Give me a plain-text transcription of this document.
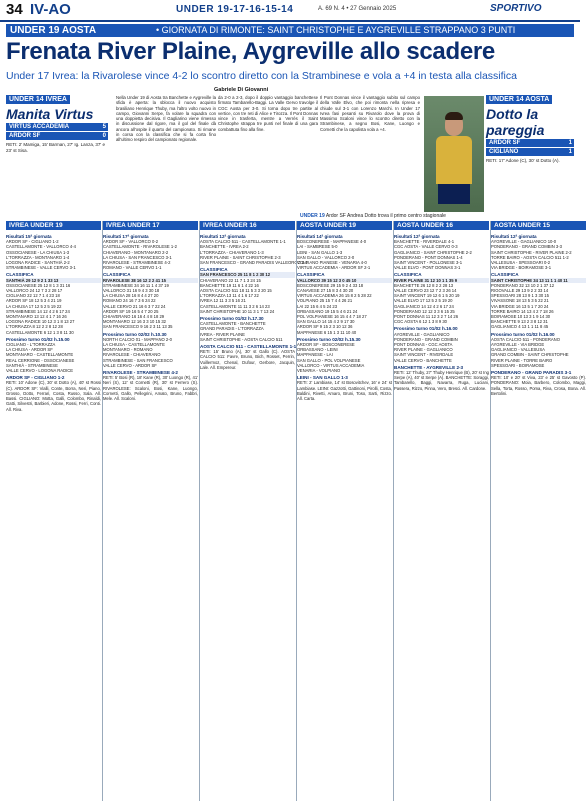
34 IV-AO	UNDER 19-17-16-15-14	A. 69 N. 4 • 27 Gennaio 2025	SPORTIVO
UNDER 19 AOSTA	• GIORNATA DI RIMONTE: SAINT CHRISTOPHE E AYGREVILLE STRAPPANO 3 PUNTI
Frenata River Plaine, Aygreville allo scadere
Under 17 Ivrea: la Rivarolese vince 4-2 lo scontro diretto con la Strambinese e vola a +4 in testa alla classifica
UNDER 14 IVREA
Manita Virtus
VIRTUS ACCADEMIA	5
ARDOR SF	0
RETI: 2' Mamiga, 15' Barman, 27' Ig. Lanza, 37' e 23' st Sisa.
UNDER 14 AOSTA
Dotto la pareggia
ARDOR SF	1
CIGLIANO	1
RETI: 17' Adone (C), 30' st Dotto (A).
Gabriele Di Giovanni
Nella Under 19 di Aosta tra Banchette e Aygreville la sfida è aperta: la sblocca il nuovo acquisto brasiliano Henrique Thuby, ma l'altro volto nuovo in campo, Giovanni Serpe, fa volare la squadra con una doppietta decisiva. Il Gagliarino viene rimesso in discussione dal rigore, ma il gol del finale dà ancora all'ospite il quarto del campionato. Si rimane in corsa con la classifica che si fa corta fino all'ultimo respiro del campionato regionale.
da 2-0 a 2-3, dopo il doppio vantaggio banchettese firmato Tambarello-Baggi. La Valle Gervo travolge il CGC Aosta per 3-0. Si torna dopo tre partite al vertice, con tre reti di Alice e Tirozza. Il Pont Donnas vince in trasferta, mentre a Verrès il Saint Christophe strappa tre punti nel finale di una gara combattuta fino alla fine.
Il Pont Donnas vince il vantaggio subito sul campo della Valle Elvo, che poi rimonta nella ripresa e chiude sul 3-1 con Lorenzo Marchi. In Under 17 Ivrea fasi pesanti su Rivarolo dove la prova di Massimo Scaloni vince lo scontro diretto con la Strambinese, a segno Bosi, Kane, Luongo e Cornetti che la capolista vola a +4.
UNDER 19 Ardor SF Andrea Dotto trova il primo centro stagionale
IVREA UNDER 19
Risultati 15ª giornata
ARDOR SF - CIGLIANO 1-2
CASTELLAMONTE - VALLORCO 4-4
OSSOCIANESE - LA CHIUSA 1-3
L'TORRAZZA - MONTANARO 1-4
LOGONA RADICE - SANTHIÀ 2-2
STRAMBINESE - VALLE CERVO 3-1
CLASSIFICA
SANTHIÀ 29 12 9 2 1 33 13
OSSOCIANESE 25 12 8 1 3 31 16
VALLORCO 24 12 7 3 2 28 17
CIGLIANO 22 12 7 1 4 23 18
ARDOR SF 18 12 5 3 4 21 19
LA CHIUSA 17 12 5 2 5 19 22
STRAMBINESE 14 12 4 2 6 17 24
MONTANARO 13 12 4 1 7 16 26
LOGONA RADICE 10 12 3 1 8 13 27
L'TORRAZZA 8 12 2 2 8 12 28
CASTELLAMONTE 6 12 1 3 8 11 30
Prossimo turno 01/02 h.15.00
CIGLIANO - L'TORRAZZA
LA CHIUSA - ARDOR SF
MONTANARO - CASTELLAMONTE
REAL CERRIONE - OSSOCIANESE
SANTHIÀ - STRAMBINESE
VALLE CERVO - LOGONA RADICE
ARDOR SF - CIGLIANO 1-2
RETI: 10' Adone (C), 30' st Dotto (A), 40' st Rossi (C). ARDOR SF: Vialli, Conte, Borra, Neri, Piano, Grosso, Dotto, Ferrari, Costa, Russo, Sala. All. Bassi. CIGLIANO: Motta, Galli, Colombo, Rinaldi, Gatti, Silvestri, Barbieri, Adone, Rossi, Ferri, Conti. All. Riva.
IVREA UNDER 17
Risultati 17ª giornata
ARDOR SF - VALLORCO 0-2
CASTELLAMONTE - RIVAROLESE 1-2
CHIAVERANO - MONTANARO 2-2
LA CHIUSA - SAN FRANCESCO 3-1
RIVAROLESE - STRAMBINESE 4-2
ROMANO - VALLE CERVO 1-1
CLASSIFICA
RIVAROLESE 38 16 12 2 2 41 15
STRAMBINESE 34 16 11 1 4 37 19
VALLORCO 31 16 9 4 3 30 18
LA CHIUSA 28 16 8 4 4 27 20
ROMANO 24 16 7 3 6 24 22
VALLE CERVO 21 16 6 3 7 22 24
ARDOR SF 19 16 5 4 7 20 25
CHIAVERANO 16 16 4 4 8 18 29
MONTANARO 12 16 3 3 10 15 32
SAN FRANCESCO 9 16 2 3 11 13 35
Prossimo turno 02/02 h.10.30
NORTH CALCIO 01 - MAPPANO 2-0
LA CHIUSA - CASTELLAMONTE
MONTANARO - ROMANO
RIVAROLESE - CHIAVERANO
STRAMBINESE - SAN FRANCESCO
VALLE CERVO - ARDOR SF
RIVAROLESE - STRAMBINESE 4-2
RETI: 5' Bosi (R), 18' Kane (R), 30' Luongo (R), 41' Neri (S), 12' st Cornetti (R), 30' st Ferrero (S). RIVAROLESE: Scaloni, Bosi, Kane, Luongo, Cornetti, Gallo, Pellegrini, Amato, Bruno, Fabbri, Mele. All. Scaloni.
IVREA UNDER 16
Risultati 12ª giornata
AOSTA CALCIO 511 - CASTELLAMONTE 1-1
BANCHETTE - IVREA 2-2
L'TORRAZZA - CHIAVERANO 1-3
RIVER PLAINE - SAINT CHRISTOPHE 2-3
SAN FRANCESCO - GRAND PARADIS VALLEORCO 2-1
CLASSIFICA
SAN FRANCESCO 25 11 8 1 2 30 12
CHIAVERANO 22 11 7 1 3 24 15
BANCHETTE 19 11 6 1 4 22 16
AOSTA CALCIO 511 18 11 5 3 3 20 15
L'TORRAZZA 13 11 4 1 6 17 22
IVREA 12 11 3 3 5 16 21
CASTELLAMONTE 11 11 3 2 6 14 23
SAINT CHRISTOPHE 10 11 3 1 7 13 24
Prossimo turno 01/02 h.17.30
CASTELLAMONTE - BANCHETTE
GRAND PARADIS - L'TORRAZZA
IVREA - RIVER PLAINE
SAINT CHRISTOPHE - AOSTA CALCIO 511
AOSTA CALCIO 511 - CASTELLAMONTE 1-1
RETI: 15' Bruno (A), 30' st Gallo (C). AOSTA CALCIO 511: Favre, Bruno, Bich, Rosset, Perrin, Vuillermoz, Chenal, Dufour, Gerbore, Jacquin, Lale. All. Empereur.
AOSTA UNDER 19
Risultati 14ª giornata
BOSCONERESE - MAPPANESE 4-0
LAI - SAMBRESE 5-0
LEINI - SAN GALLO 1-3
SAN GALLO - VALLORCO 2-0
VOLPIANO PIANESE - VENARIA 4-0
VIRTUS ACCADEMIA - ARDOR SF 2-1
CLASSIFICA
VALLORCO 39 15 12 3 0 45 10
BOSCONERESE 29 15 9 2 4 33 18
CANAVESE 27 15 8 3 4 30 20
VIRTUS ACCADEMIA 26 15 8 2 5 28 22
VOLPIANO 25 15 7 4 4 26 21
LAI 22 15 6 4 5 24 23
ORBASSANO 19 15 5 4 6 21 24
POL VOLPIANESE 16 15 4 4 7 18 27
SAN GALLO 14 15 4 2 9 17 30
ARDOR SF 9 15 2 3 10 12 36
MAPPANESE 6 15 1 3 11 10 40
Prossimo turno 02/02 h.15.30
ARDOR SF - BOSCONERESE
ORBASSANO - LEINI
MAPPANESE - LAI
SAN GALLO - POL VOLPIANESE
VALLORCO - VIRTUS ACCADEMIA
VENARIA - VOLPIANO
LEINI - SAN GALLO 1-3
RETI: 2' Lambiase, 14' st Bosovitchev, 16' e 24' st Lambiase. LEINI: Gazzotti, Gattinoni, Pirolli, Costa, Baldini, Rivetti, Amaro, Bruni, Toso, Sarti, Rizzo. All. Carta.
AOSTA UNDER 16
Risultati 12ª giornata
BANCHETTE - RIVERDALE 4-1
CGC AOSTA - VALLE CERVO 0-3
GAGLIANICO - SAINT CHRISTOPHE 2-2
PONDERANO - PONT DONNAS 1-4
SAINT VINCENT - POLLONESE 3-1
VALLE ELVO - PONT DONNAS 3-1
CLASSIFICA
RIVER PLAINE 31 12 10 1 1 35 9
BANCHETTE 26 12 8 2 2 28 13
VALLE CERVO 23 12 7 2 3 26 14
SAINT VINCENT 19 12 6 1 5 20 19
VALLE ELVO 17 12 5 2 5 19 20
GAGLIANICO 14 12 4 2 6 17 24
PONDERANO 12 12 3 3 6 15 25
PONT DONNAS 11 12 3 2 7 14 26
CGC AOSTA 6 12 1 3 8 9 30
Prossimo turno 01/02 h.16.00
AYGREVILLE - GAGLIANICO
PONDERANO - GRAND COMBIN
PONT DONNAS - CGC AOSTA
RIVER PLAINE - GAGLIANICO
SAINT VINCENT - RIVERDALE
VALLE CERVO - BANCHETTE
BANCHETTE - AYGREVILLE 2-3
RETI: 12' Thuby, 27' Thuby Henrique (B), 20' st Ing Serpe (A), 40' st Serpe (A). BANCHETTE: Soraggi, Tambarello, Baggi, Navarra, Ruga, Luciani, Passera, Rizzo, Pinna, Vero, Bresci. All. Cardone.
AOSTA UNDER 15
Risultati 12ª giornata
AYGREVILLE - GAGLIANICO 10-0
PONDERANO - GRAND COMBIN 3-3
SAINT CHRISTOPHE - RIVER PLAINE 2-2
TORRE BAIRO - AOSTA CALCIO 511 1-2
VALLESUSA - SPESSOARI 0-2
VIA BRIDGE - BOIRAMOSE 3-1
CLASSIFICA
SAINT CHRISTOPHE 34 13 11 1 1 40 11
PONDERANO 32 13 10 2 1 37 12
RIGOVALLE 29 13 9 2 2 33 14
SPESSOARI 28 13 9 1 3 30 15
VIVASSONE 18 13 5 3 5 22 21
VIA BRIDGE 16 13 5 1 7 20 24
TORRE BAIRO 14 13 4 2 7 18 26
BOIRAMOSE 10 13 3 1 9 14 30
BANCHETTE 9 13 2 3 8 12 31
GAGLIANICO 4 13 1 1 11 8 45
Prossimo turno 01/02 h.16.00
AOSTA CALCIO 511 - PONDERANO
AYGREVILLE - VIA BRIDGE
GAGLIANICO - VALLESUSA
GRAND COMBIN - SAINT CHRISTOPHE
RIVER PLAINE - TORRE BAIRO
SPESSOARI - BOIRAMOSE
PONDERANO - GRAND PARADIS 3-1
RETI: 10' e 20' st Viva, 23' e 25' st Gavosto (P). PONDERANO: Moia, Barbero, Colombo, Maggi, Sella, Torta, Rosso, Poma, Riva, Crosa, Bona. All. Bertolini.
